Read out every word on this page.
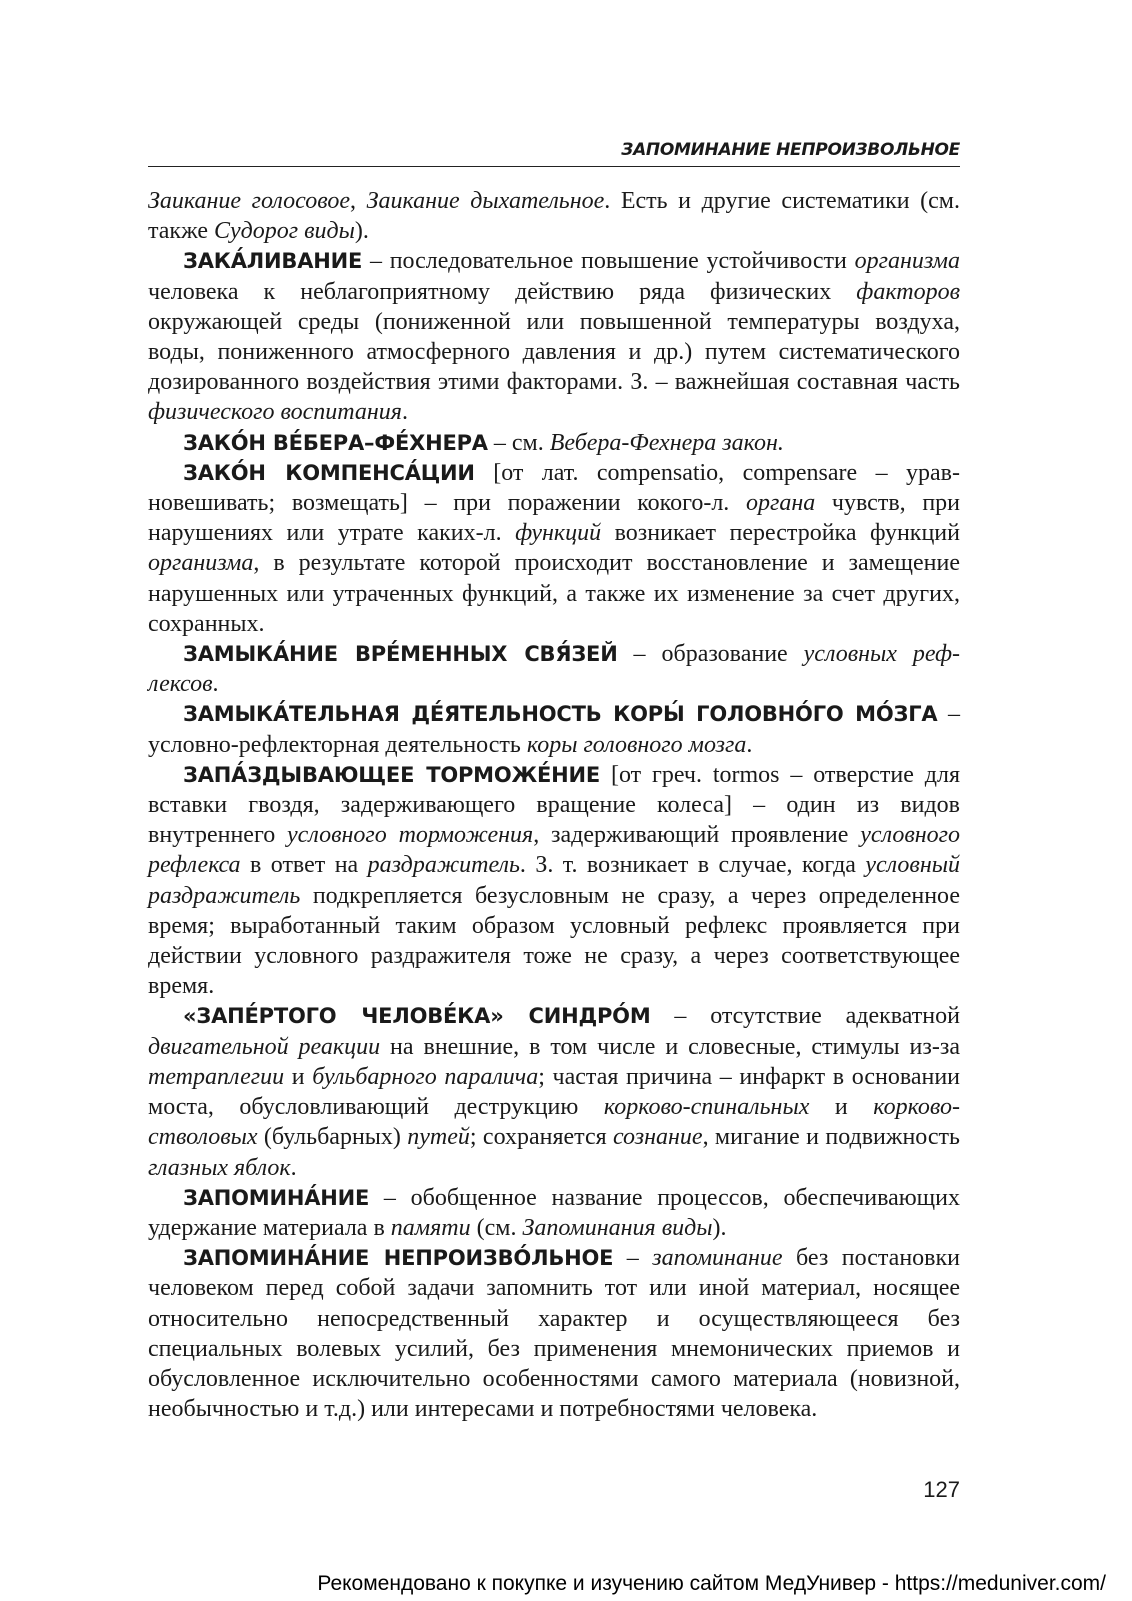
ЗАПОМИНАНИЕ НЕПРОИЗВОЛЬНОЕ

Заикание голосовое, Заикание дыхательное. Есть и другие систематики (см. также Судорог виды).

ЗАКА́ЛИВАНИЕ – последовательное повышение устойчивости организма человека к неблагоприятному действию ряда физических факторов окружающей среды (пониженной или повышенной температуры воздуха, воды, пониженного атмосферного давления и др.) путем систематического дозированного воздействия этими факторами. З. – важнейшая составная часть физического воспитания.

ЗАКО́Н ВЕ́БЕРА–ФЕ́ХНЕРА – см. Вебера-Фехнера закон.

ЗАКО́Н КОМПЕНСА́ЦИИ [от лат. compensatio, compensare – уравновешивать; возмещать] – при поражении кокого-л. органа чувств, при нарушениях или утрате каких-л. функций возникает перестройка функций организма, в результате которой происходит восстановление и замещение нарушенных или утраченных функций, а также их изменение за счет других, сохранных.

ЗАМЫКА́НИЕ ВРЕ́МЕННЫХ СВЯ́ЗЕЙ – образование условных рефлексов.

ЗАМЫКА́ТЕЛЬНАЯ ДЕ́ЯТЕЛЬНОСТЬ КОРЫ́ ГОЛОВНО́ГО МО́ЗГА – условно-рефлекторная деятельность коры головного мозга.

ЗАПА́ЗДЫВАЮЩЕЕ ТОРМОЖЕ́НИЕ [от греч. tormos – отверстие для вставки гвоздя, задерживающего вращение колеса] – один из видов внутреннего условного торможения, задерживающий проявление условного рефлекса в ответ на раздражитель. З. т. возникает в случае, когда условный раздражитель подкрепляется безусловным не сразу, а через определенное время; выработанный таким образом условный рефлекс проявляется при действии условного раздражителя тоже не сразу, а через соответствующее время.

«ЗАПЕ́РТОГО ЧЕЛОВЕ́КА» СИНДРО́М – отсутствие адекватной двигательной реакции на внешние, в том числе и словесные, стимулы из-за тетраплегии и бульбарного паралича; частая причина – инфаркт в основании моста, обусловливающий деструкцию корково-спинальных и корково-стволовых (бульбарных) путей; сохраняется сознание, мигание и подвижность глазных яблок.

ЗАПОМИНА́НИЕ – обобщенное название процессов, обеспечивающих удержание материала в памяти (см. Запоминания виды).

ЗАПОМИНА́НИЕ НЕПРОИЗВО́ЛЬНОЕ – запоминание без постановки человеком перед собой задачи запомнить тот или иной материал, носящее относительно непосредственный характер и осуществляющееся без специальных волевых усилий, без применения мнемонических приемов и обусловленное исключительно особенностями самого материала (новизной, необычностью и т.д.) или интересами и потребностями человека.

127
Рекомендовано к покупке и изучению сайтом МедУнивер - https://meduniver.com/
